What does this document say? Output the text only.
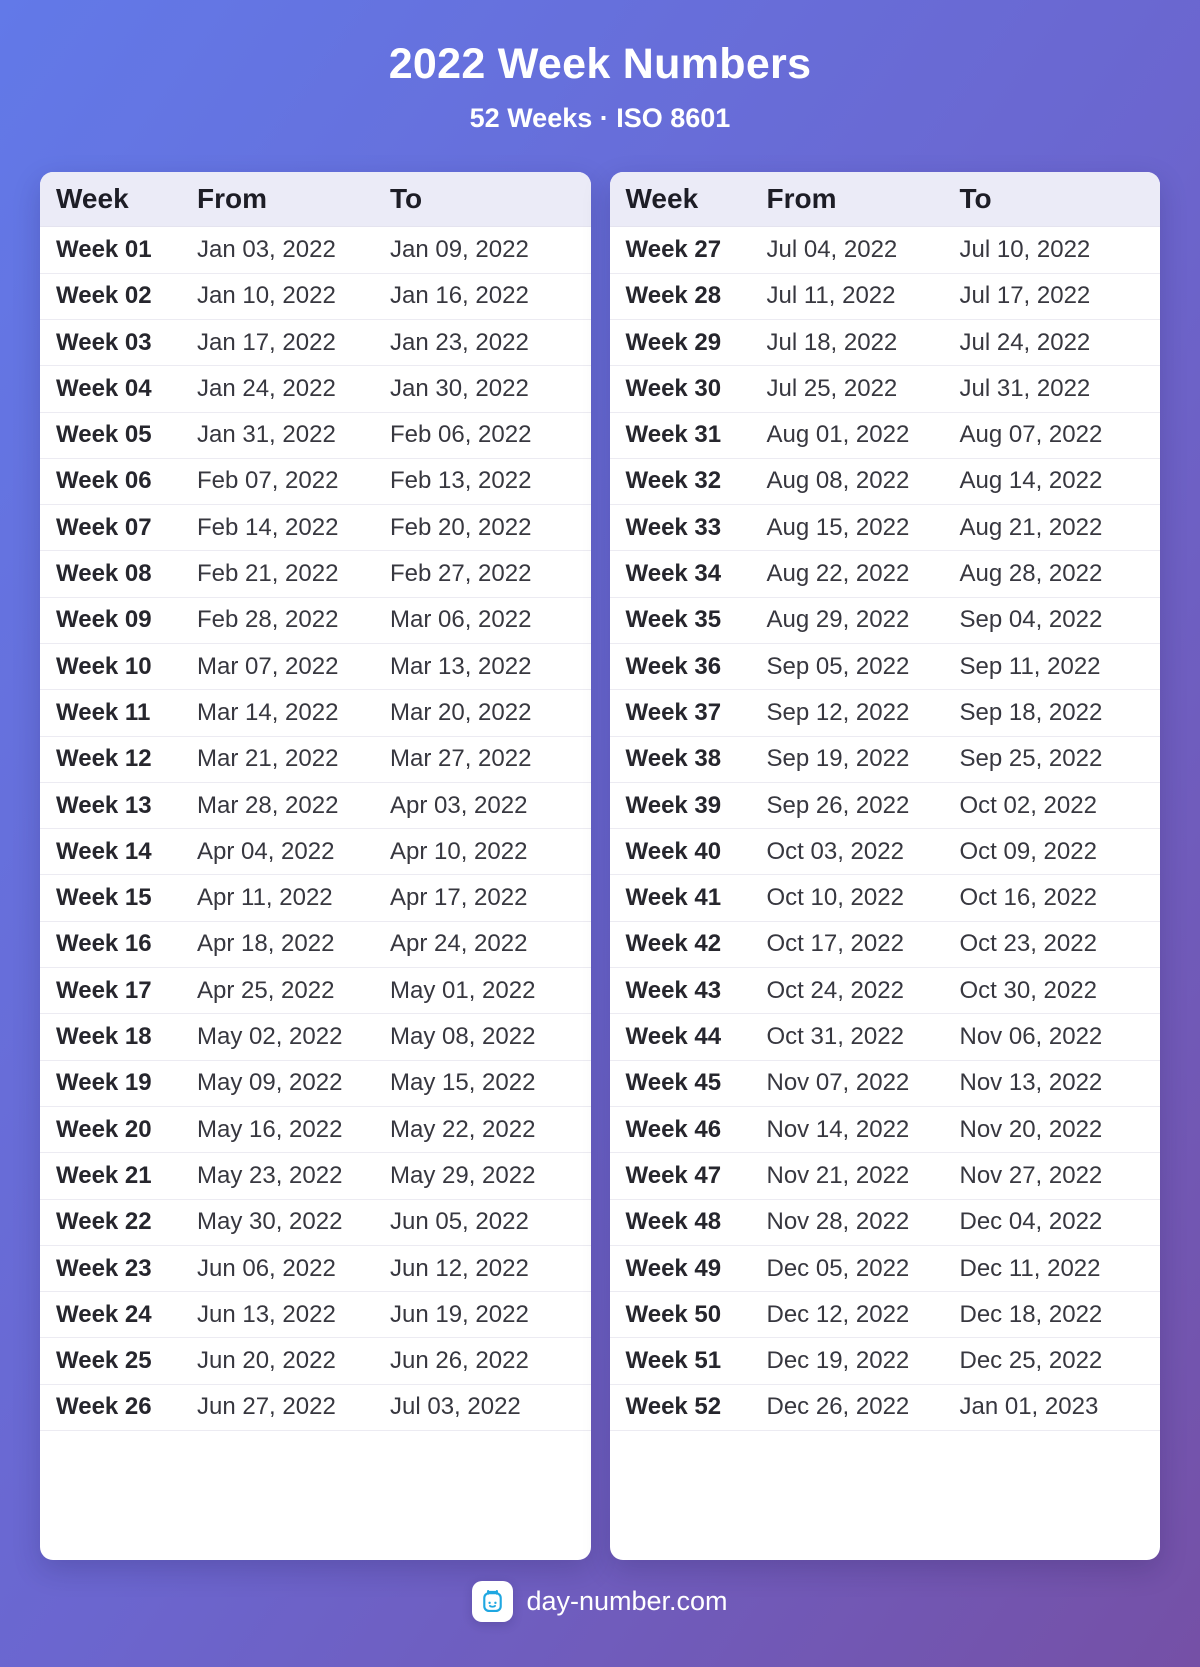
2022 Week Numbers
52 Weeks · ISO 8601
Week	From	To
Week 01	Jan 03, 2022	Jan 09, 2022
Week 02	Jan 10, 2022	Jan 16, 2022
Week 03	Jan 17, 2022	Jan 23, 2022
Week 04	Jan 24, 2022	Jan 30, 2022
Week 05	Jan 31, 2022	Feb 06, 2022
Week 06	Feb 07, 2022	Feb 13, 2022
Week 07	Feb 14, 2022	Feb 20, 2022
Week 08	Feb 21, 2022	Feb 27, 2022
Week 09	Feb 28, 2022	Mar 06, 2022
Week 10	Mar 07, 2022	Mar 13, 2022
Week 11	Mar 14, 2022	Mar 20, 2022
Week 12	Mar 21, 2022	Mar 27, 2022
Week 13	Mar 28, 2022	Apr 03, 2022
Week 14	Apr 04, 2022	Apr 10, 2022
Week 15	Apr 11, 2022	Apr 17, 2022
Week 16	Apr 18, 2022	Apr 24, 2022
Week 17	Apr 25, 2022	May 01, 2022
Week 18	May 02, 2022	May 08, 2022
Week 19	May 09, 2022	May 15, 2022
Week 20	May 16, 2022	May 22, 2022
Week 21	May 23, 2022	May 29, 2022
Week 22	May 30, 2022	Jun 05, 2022
Week 23	Jun 06, 2022	Jun 12, 2022
Week 24	Jun 13, 2022	Jun 19, 2022
Week 25	Jun 20, 2022	Jun 26, 2022
Week 26	Jun 27, 2022	Jul 03, 2022
Week	From	To
Week 27	Jul 04, 2022	Jul 10, 2022
Week 28	Jul 11, 2022	Jul 17, 2022
Week 29	Jul 18, 2022	Jul 24, 2022
Week 30	Jul 25, 2022	Jul 31, 2022
Week 31	Aug 01, 2022	Aug 07, 2022
Week 32	Aug 08, 2022	Aug 14, 2022
Week 33	Aug 15, 2022	Aug 21, 2022
Week 34	Aug 22, 2022	Aug 28, 2022
Week 35	Aug 29, 2022	Sep 04, 2022
Week 36	Sep 05, 2022	Sep 11, 2022
Week 37	Sep 12, 2022	Sep 18, 2022
Week 38	Sep 19, 2022	Sep 25, 2022
Week 39	Sep 26, 2022	Oct 02, 2022
Week 40	Oct 03, 2022	Oct 09, 2022
Week 41	Oct 10, 2022	Oct 16, 2022
Week 42	Oct 17, 2022	Oct 23, 2022
Week 43	Oct 24, 2022	Oct 30, 2022
Week 44	Oct 31, 2022	Nov 06, 2022
Week 45	Nov 07, 2022	Nov 13, 2022
Week 46	Nov 14, 2022	Nov 20, 2022
Week 47	Nov 21, 2022	Nov 27, 2022
Week 48	Nov 28, 2022	Dec 04, 2022
Week 49	Dec 05, 2022	Dec 11, 2022
Week 50	Dec 12, 2022	Dec 18, 2022
Week 51	Dec 19, 2022	Dec 25, 2022
Week 52	Dec 26, 2022	Jan 01, 2023
day-number.com
